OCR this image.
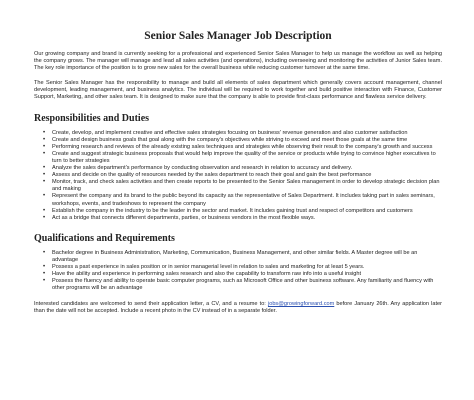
Senior Sales Manager Job Description

Our growing company and brand is currently seeking for a professional and experienced Senior Sales Manager to help us manage the workflow as well as helping the company grows. The manager will manage and lead all sales activities (and operations), including overseeing and monitoring the activities of Junior Sales team. The key role importance of the position is to grow new sales for the overall business while reducing customer turnover at the same time.

The Senior Sales Manager has the responsibility to manage and build all elements of sales department which generally covers account management, channel development, leading management, and business analytics. The individual will be required to work together and build positive interaction with Finance, Customer Support, Marketing, and other sales team. It is designed to make sure that the company is able to provide first-class performance and flawless service delivery.

Responsibilities and Duties
• Create, develop, and implement creative and effective sales strategies focusing on business' revenue generation and also customer satisfaction
• Create and design business goals that goal along with the company's objectives while striving to exceed and meet those goals at the same time
• Performing research and reviews of the already existing sales techniques and strategies while observing their result to the company's growth and success
• Create and suggest strategic business proposals that would help improve the quality of the service or products while trying to convince higher executives to turn to better strategies
• Analyze the sales department's performance by conducting observation and research in relation to accuracy and delivery.
• Assess and decide on the quality of resources needed by the sales department to reach their goal and gain the best performance
• Monitor, track, and check sales activities and then create reports to be presented to the Senior Sales management in order to develop strategic decision plan and making
• Represent the company and its brand to the public beyond its capacity as the representative of Sales Department. It includes taking part in sales seminars, workshops, events, and tradeshows to represent the company
• Establish the company in the industry to be the leader in the sector and market. It includes gaining trust and respect of competitors and customers
• Act as a bridge that connects different departments, parties, or business vendors in the most flexible ways.
Qualifications and Requirements
• Bachelor degree in Business Administration, Marketing, Communication, Business Management, and other similar fields. A Master degree will be an advantage
• Possess a past experience in sales position or in senior managerial level in relation to sales and marketing for at least 5 years.
• Have the ability and experience in performing sales research and also the capability to transform raw info into a useful insight
• Possess the fluency and ability to operate basic computer programs, such as Microsoft Office and other business software. Any familiarity and fluency with other programs will be an advantage

Interested candidates are welcomed to send their application letter, a CV, and a resume to: jobs@growingforward.com before January 26th. Any application later than the date will not be accepted. Include a recent photo in the CV instead of in a separate folder.
